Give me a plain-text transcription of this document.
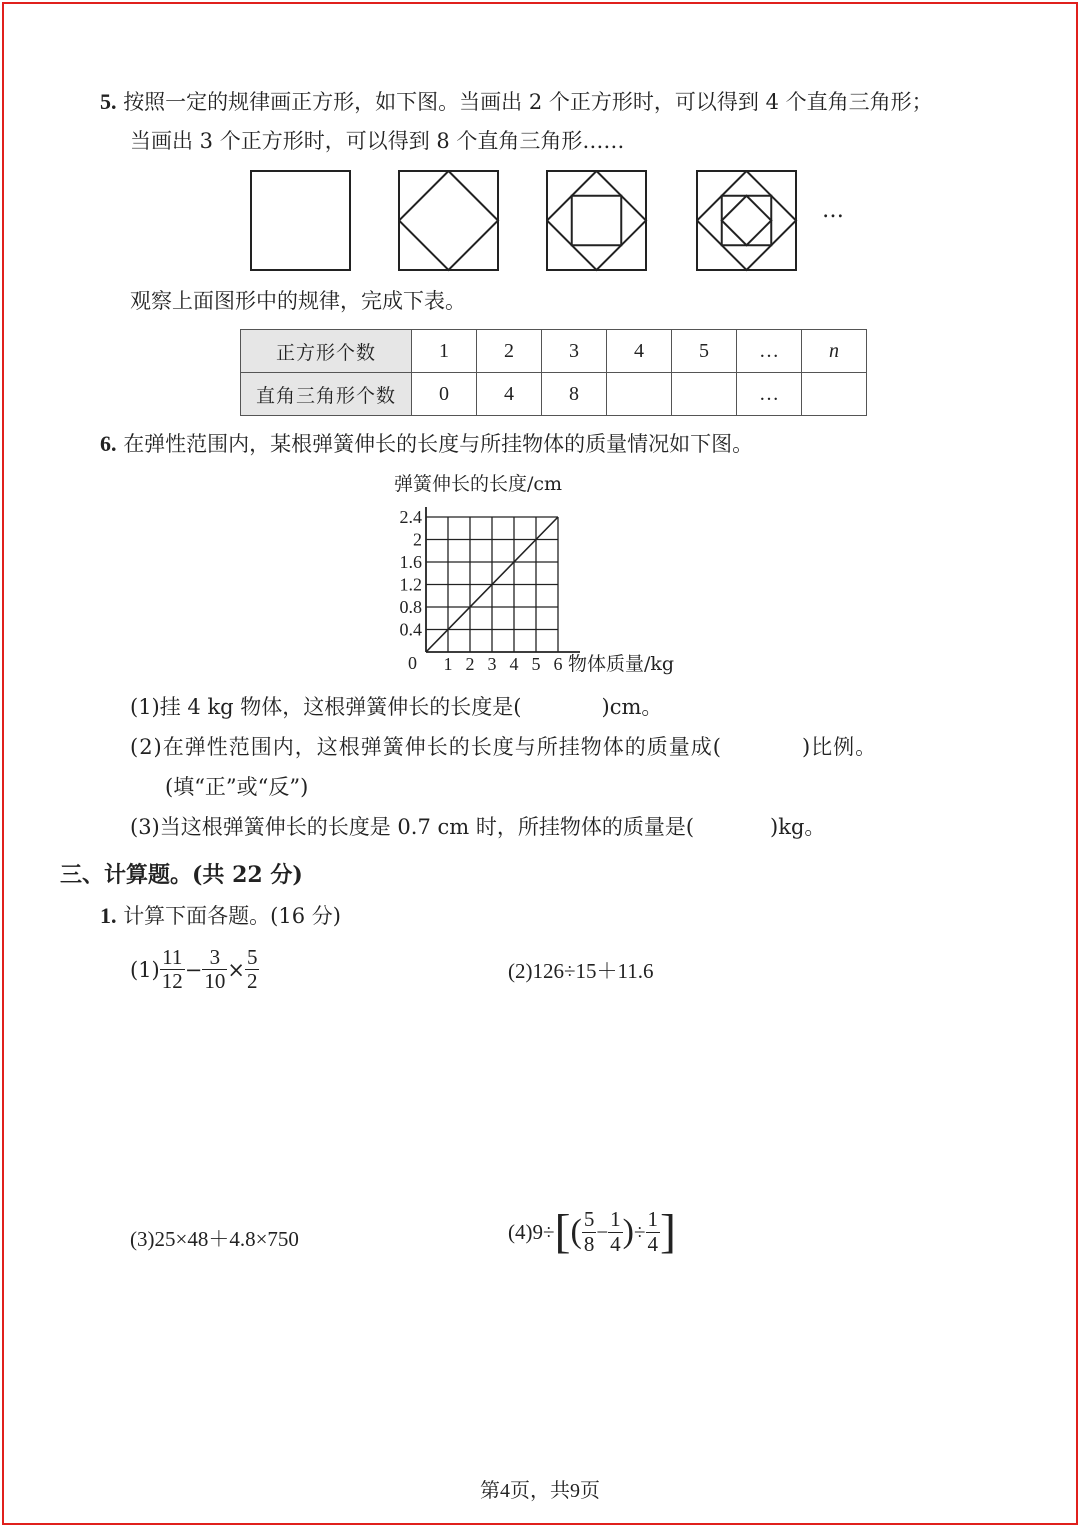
5. 按照一定的规律画正方形，如下图。当画出 2 个正方形时，可以得到 4 个直角三角形；
当画出 3 个正方形时，可以得到 8 个直角三角形……
…
观察上面图形中的规律，完成下表。
正方形个数	1	2	3	4	5	…	n
直角三角形个数	0	4	8			…	
6. 在弹性范围内，某根弹簧伸长的长度与所挂物体的质量情况如下图。
弹簧伸长的长度/cm
1 2 3 4 5 6
0.4
0.8
1.2
1.6
2
2.4
物体质量/kg
0
(1)挂 4 kg 物体，这根弹簧伸长的长度是(	)cm。
(2)在弹性范围内，这根弹簧伸长的长度与所挂物体的质量成(	)比例。
(填“正”或“反”)
(3)当这根弹簧伸长的长度是 0.7 cm 时，所挂物体的质量是(	)kg。
三、计算题。(共 22 分)
1. 计算下面各题。(16 分)
$(1) \frac{11}{12} - \frac{3}{10} \times \frac{5}{2}$	(2)126÷15＋11.6
(3)25×48＋4.8×750	(4)9÷ [ ( $\frac{5}{8} - \frac{1}{4}$ ) ÷ $\frac{1}{4}$ ]
第4页，共9页
